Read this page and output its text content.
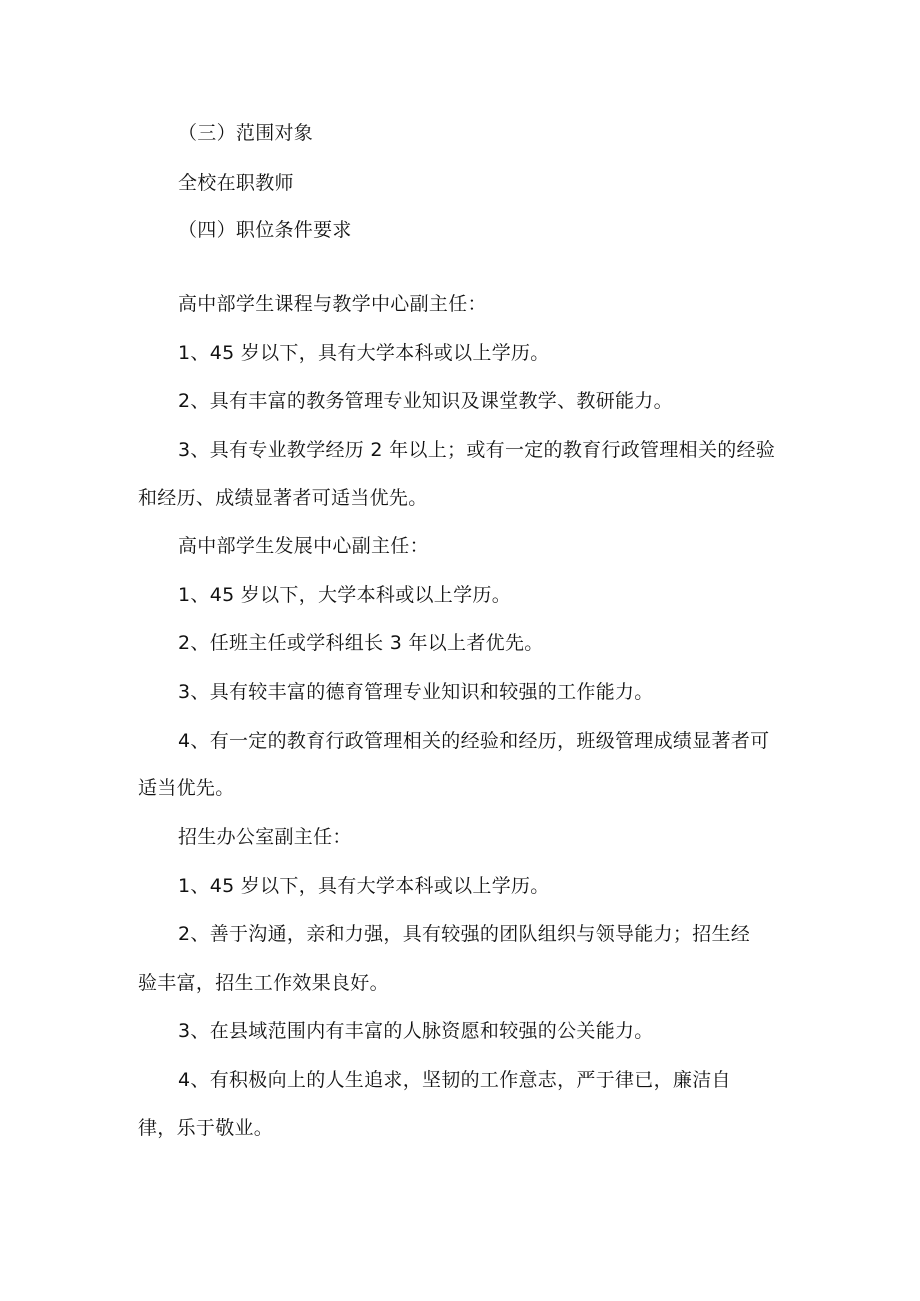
（三）范围对象
全校在职教师
（四）职位条件要求
高中部学生课程与教学中心副主任：
1、45 岁以下，具有大学本科或以上学历。
2、具有丰富的教务管理专业知识及课堂教学、教研能力。
3、具有专业教学经历 2 年以上；或有一定的教育行政管理相关的经验
和经历、成绩显著者可适当优先。
高中部学生发展中心副主任：
1、45 岁以下，大学本科或以上学历。
2、任班主任或学科组长 3 年以上者优先。
3、具有较丰富的德育管理专业知识和较强的工作能力。
4、有一定的教育行政管理相关的经验和经历，班级管理成绩显著者可
适当优先。
招生办公室副主任：
1、45 岁以下，具有大学本科或以上学历。
2、善于沟通，亲和力强，具有较强的团队组织与领导能力；招生经
验丰富，招生工作效果良好。
3、在县域范围内有丰富的人脉资愿和较强的公关能力。
4、有积极向上的人生追求，坚韧的工作意志，严于律已，廉洁自
律，乐于敬业。
